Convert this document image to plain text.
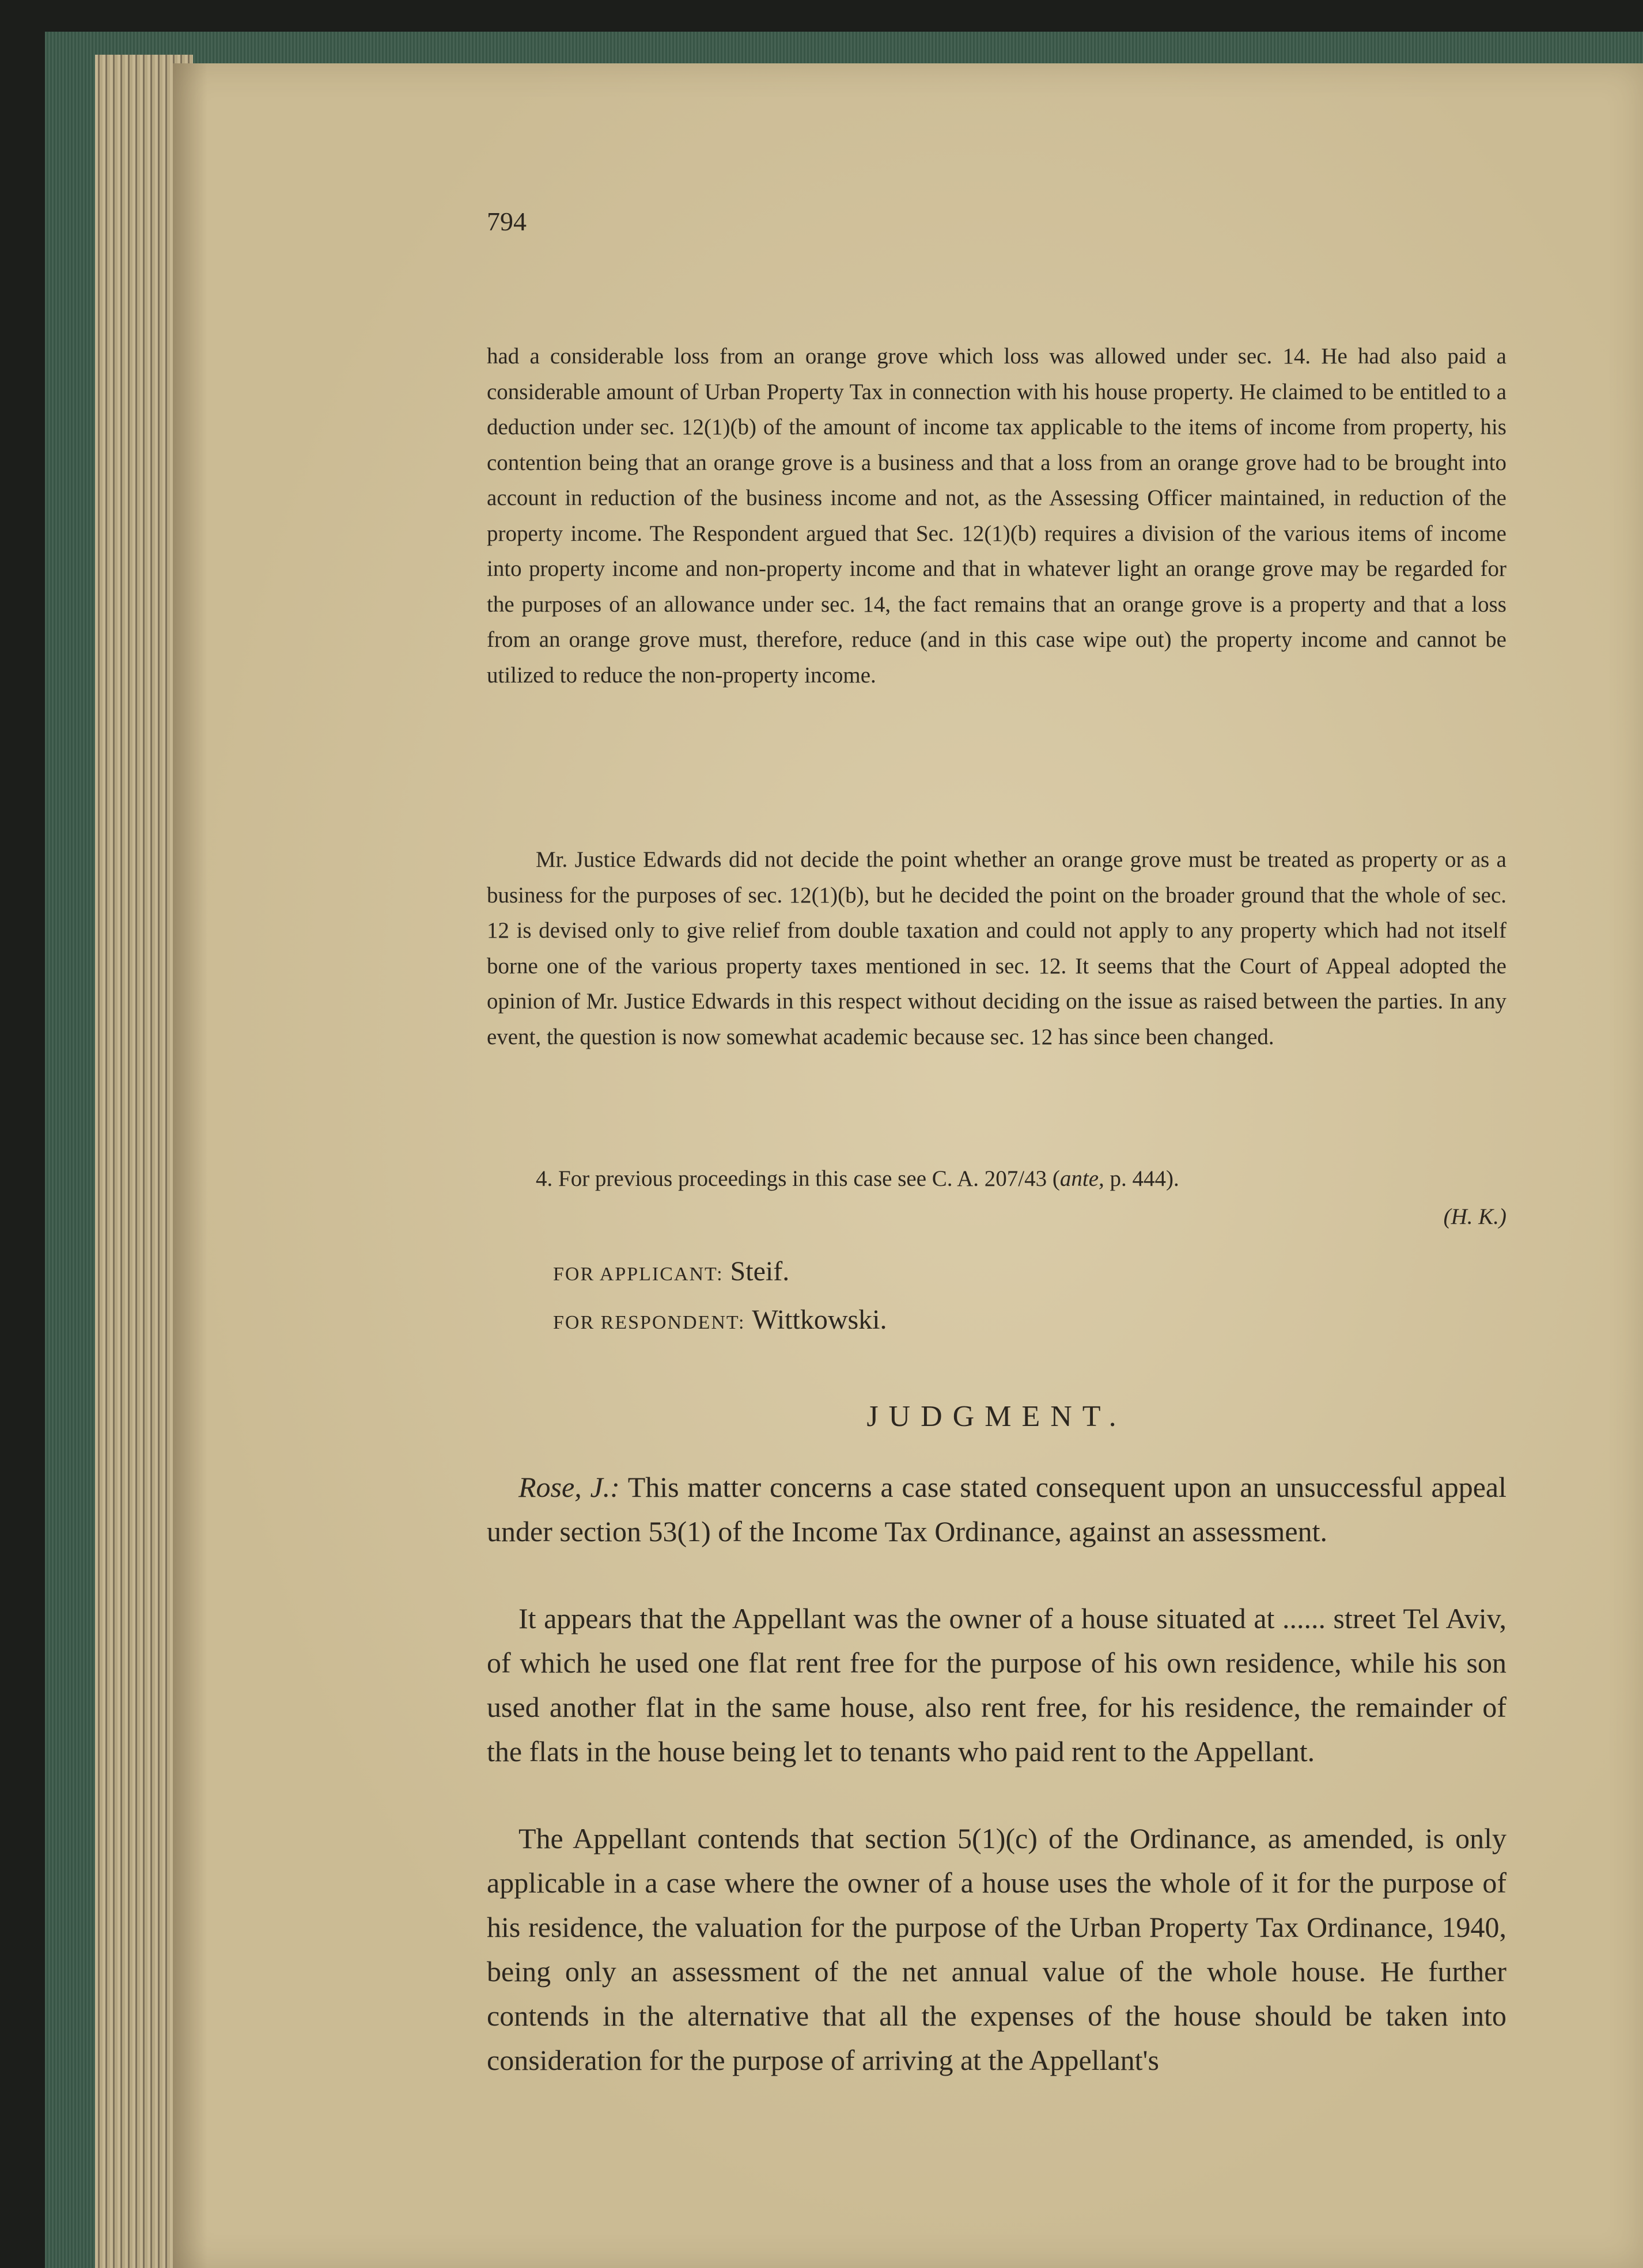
794

had a considerable loss from an orange grove which loss was allowed under sec. 14. He had also paid a considerable amount of Urban Property Tax in connection with his house property. He claimed to be entitled to a deduction under sec. 12(1)(b) of the amount of income tax applicable to the items of income from property, his contention being that an orange grove is a business and that a loss from an orange grove had to be brought into account in reduction of the business income and not, as the Assessing Officer maintained, in reduction of the property income. The Respondent argued that Sec. 12(1)(b) requires a division of the various items of income into property income and non-property income and that in whatever light an orange grove may be regarded for the purposes of an allowance under sec. 14, the fact remains that an orange grove is a property and that a loss from an orange grove must, therefore, reduce (and in this case wipe out) the property income and cannot be utilized to reduce the non-property income.

Mr. Justice Edwards did not decide the point whether an orange grove must be treated as property or as a business for the purposes of sec. 12(1)(b), but he decided the point on the broader ground that the whole of sec. 12 is devised only to give relief from double taxation and could not apply to any property which had not itself borne one of the various property taxes mentioned in sec. 12. It seems that the Court of Appeal adopted the opinion of Mr. Justice Edwards in this respect without deciding on the issue as raised between the parties. In any event, the question is now somewhat academic because sec. 12 has since been changed.

4. For previous proceedings in this case see C. A. 207/43 (ante, p. 444).

(H. K.)
FOR APPLICANT: Steif.
FOR RESPONDENT: Wittkowski.
JUDGMENT.

Rose, J.: This matter concerns a case stated consequent upon an unsuccessful appeal under section 53(1) of the Income Tax Ordinance, against an assessment.

It appears that the Appellant was the owner of a house situated at ...... street Tel Aviv, of which he used one flat rent free for the purpose of his own residence, while his son used another flat in the same house, also rent free, for his residence, the remainder of the flats in the house being let to tenants who paid rent to the Appellant.

The Appellant contends that section 5(1)(c) of the Ordinance, as amended, is only applicable in a case where the owner of a house uses the whole of it for the purpose of his residence, the valuation for the purpose of the Urban Property Tax Ordinance, 1940, being only an assessment of the net annual value of the whole house. He further contends in the alternative that all the expenses of the house should be taken into consideration for the purpose of arriving at the Appellant's
